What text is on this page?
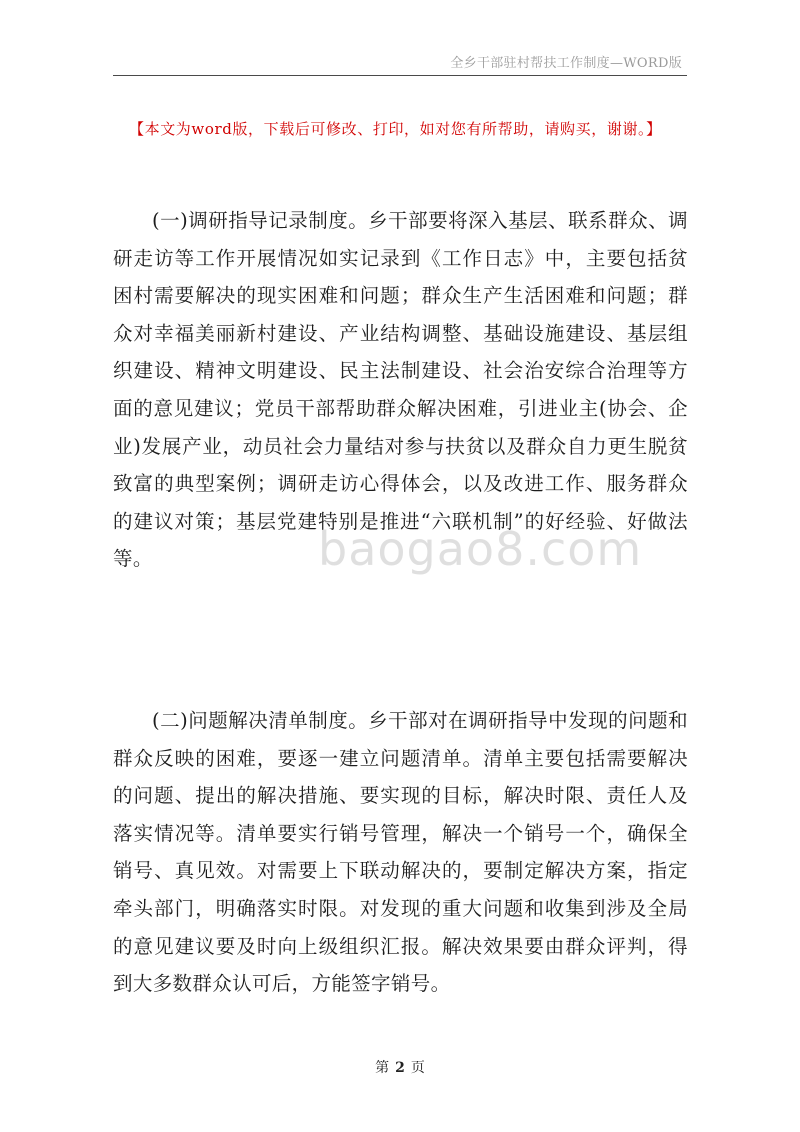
全乡干部驻村帮扶工作制度—WORD版
【本文为word版，下载后可修改、打印，如对您有所帮助，请购买，谢谢。】

(一)调研指导记录制度。乡干部要将深入基层、联系群众、调研走访等工作开展情况如实记录到《工作日志》中，主要包括贫困村需要解决的现实困难和问题；群众生产生活困难和问题；群众对幸福美丽新村建设、产业结构调整、基础设施建设、基层组织建设、精神文明建设、民主法制建设、社会治安综合治理等方面的意见建议；党员干部帮助群众解决困难，引进业主(协会、企业)发展产业，动员社会力量结对参与扶贫以及群众自力更生脱贫致富的典型案例；调研走访心得体会，以及改进工作、服务群众的建议对策；基层党建特别是推进“六联机制”的好经验、好做法等。	baogao8.com

(二)问题解决清单制度。乡干部对在调研指导中发现的问题和群众反映的困难，要逐一建立问题清单。清单主要包括需要解决的问题、提出的解决措施、要实现的目标，解决时限、责任人及落实情况等。清单要实行销号管理，解决一个销号一个，确保全销号、真见效。对需要上下联动解决的，要制定解决方案，指定牵头部门，明确落实时限。对发现的重大问题和收集到涉及全局的意见建议要及时向上级组织汇报。解决效果要由群众评判，得到大多数群众认可后，方能签字销号。

第 2 页
